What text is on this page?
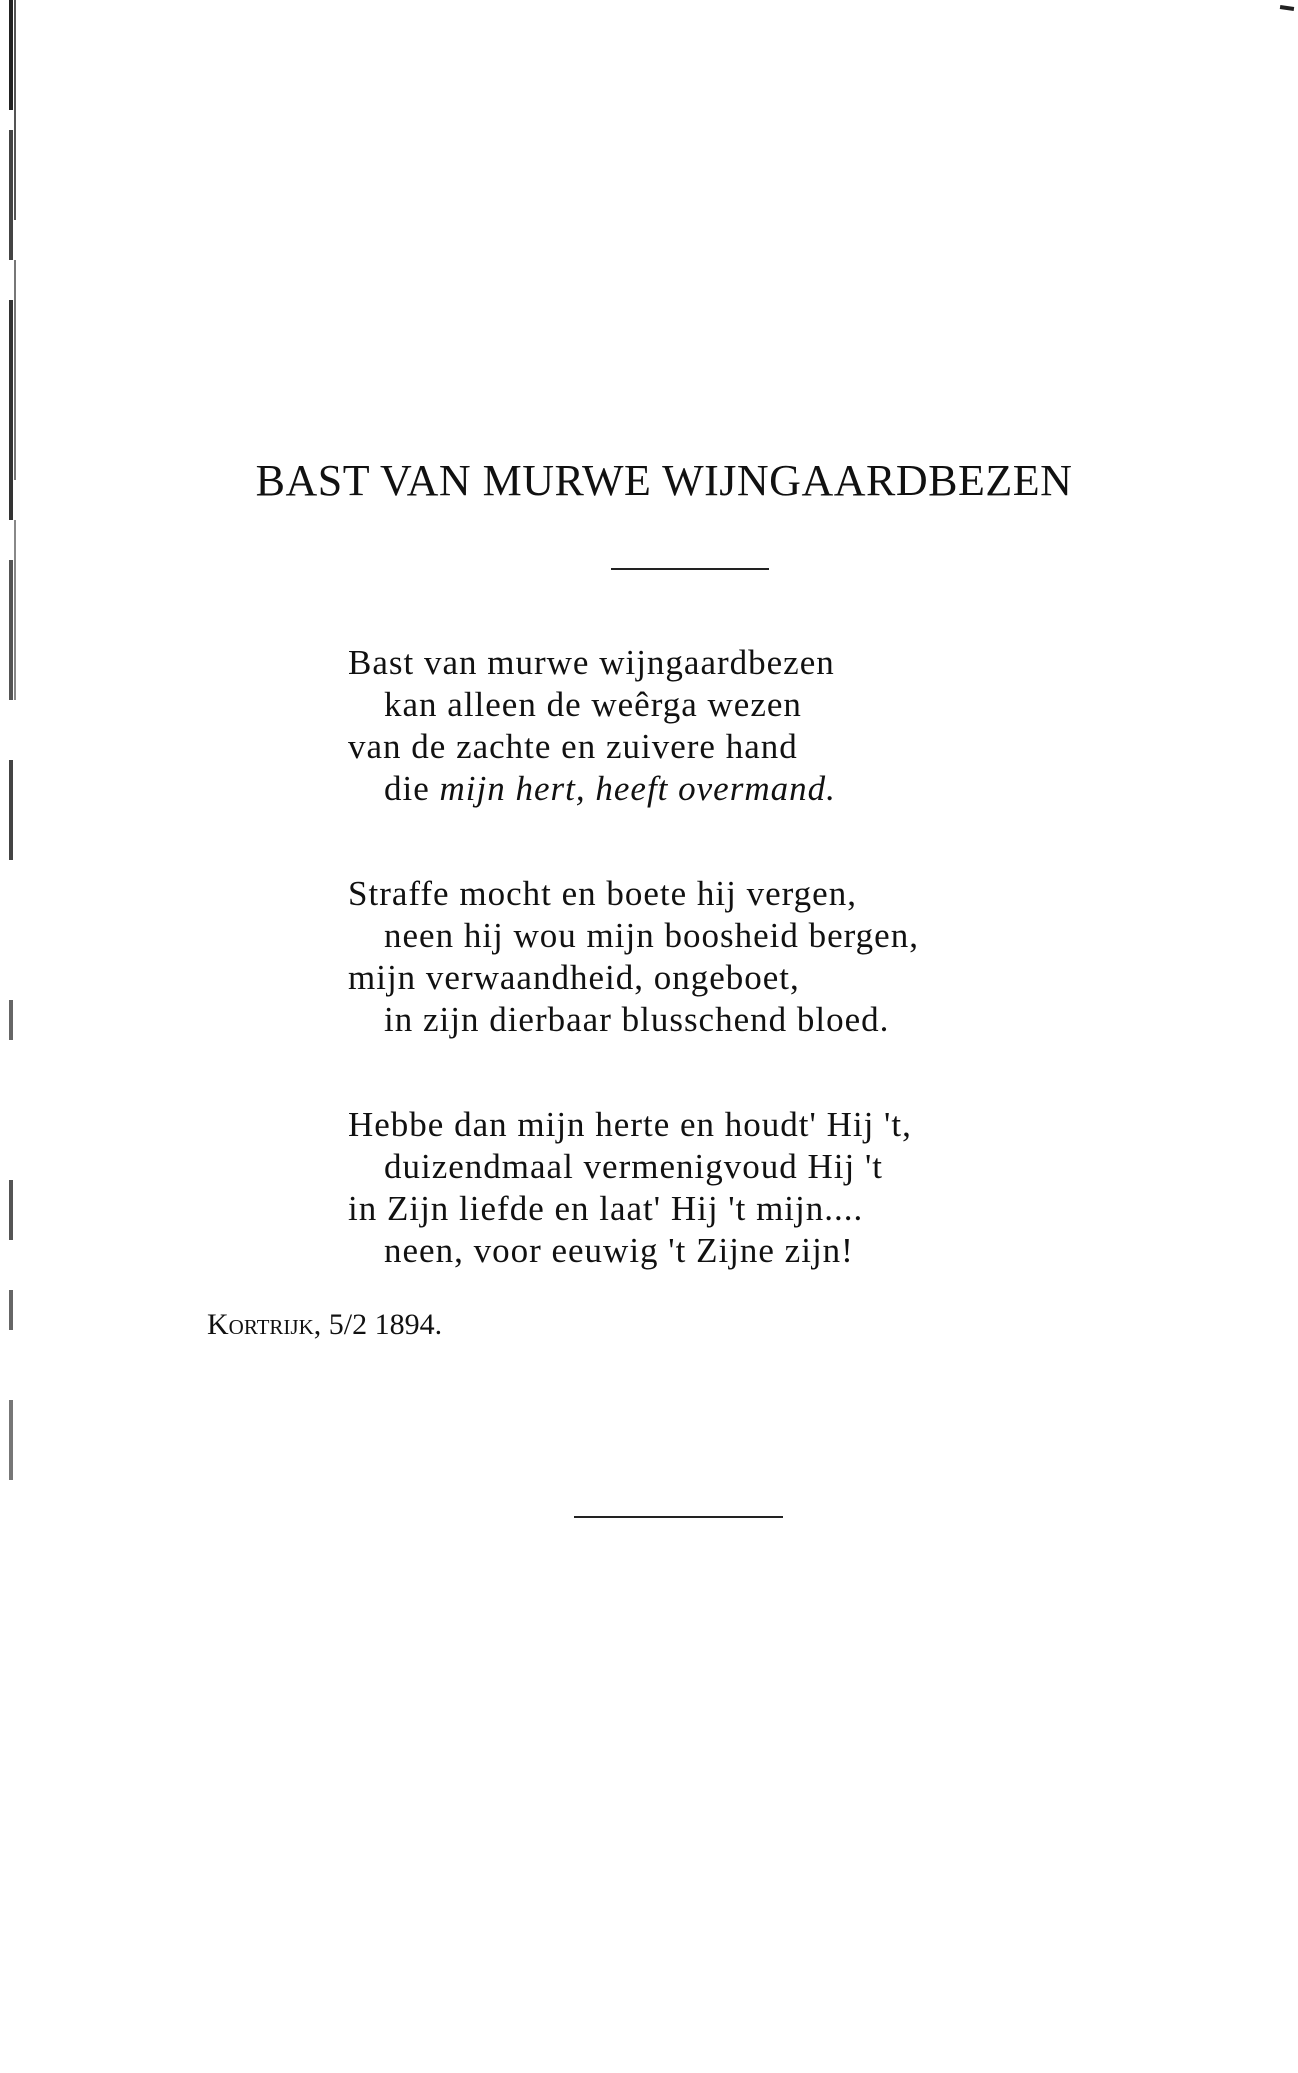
BAST VAN MURWE WIJNGAARDBEZEN
Bast van murwe wijngaardbezen
kan alleen de weêrga wezen
van de zachte en zuivere hand
die mijn hert, heeft overmand.
Straffe mocht en boete hij vergen,
neen hij wou mijn boosheid bergen,
mijn verwaandheid, ongeboet,
in zijn dierbaar blusschend bloed.
Hebbe dan mijn herte en houdt' Hij 't,
duizendmaal vermenigvoud Hij 't
in Zijn liefde en laat' Hij 't mijn....
neen, voor eeuwig 't Zijne zijn!
Kortrijk, 5/2 1894.
